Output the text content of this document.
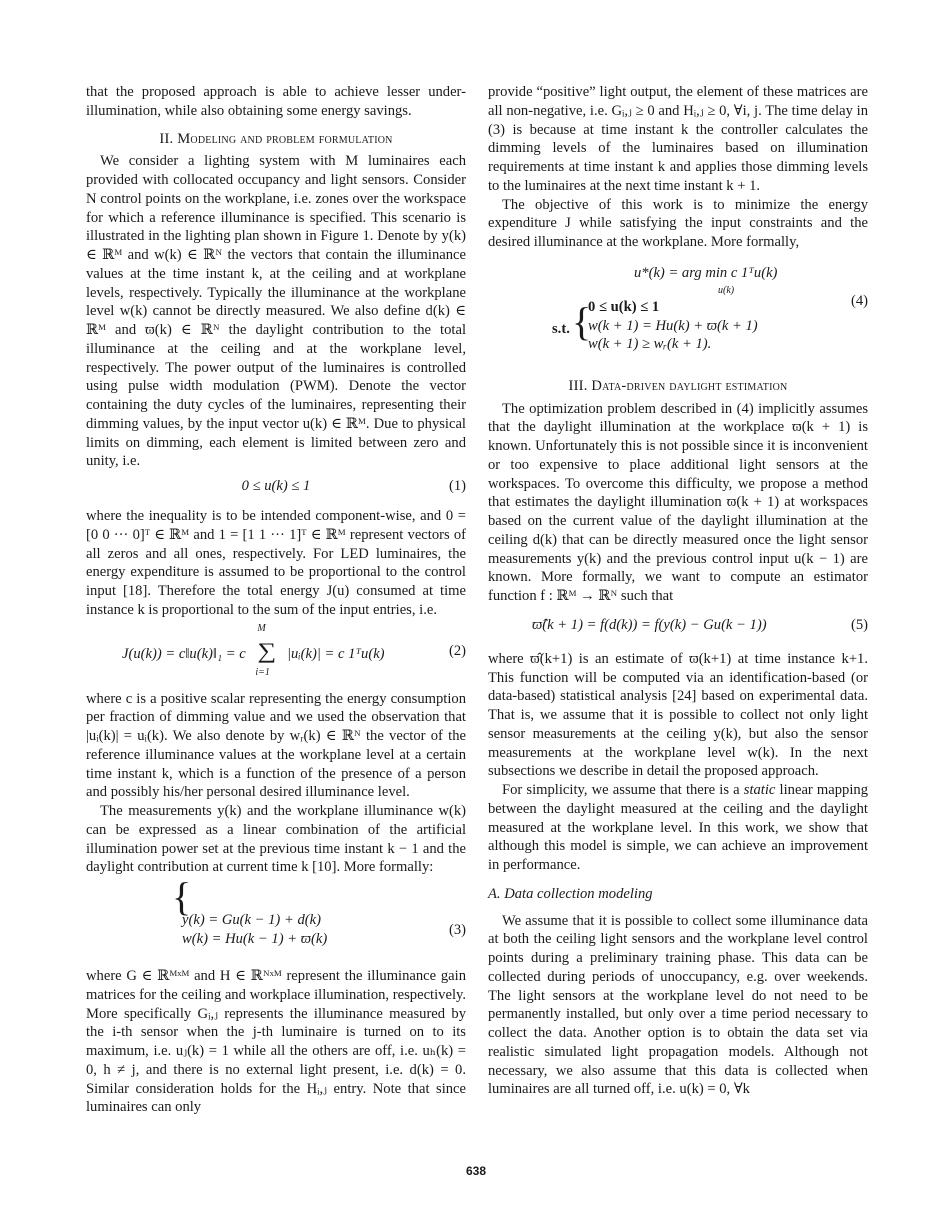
that the proposed approach is able to achieve lesser under-illumination, while also obtaining some energy savings.

II. Modeling and problem formulation

We consider a lighting system with M luminaires each provided with collocated occupancy and light sensors. Consider N control points on the workplane, i.e. zones over the workspace for which a reference illuminance is specified. This scenario is illustrated in the lighting plan shown in Figure 1. Denote by y(k) ∈ ℝᴹ and w(k) ∈ ℝᴺ the vectors that contain the illuminance values at the time instant k, at the ceiling and at workplane levels, respectively. Typically the illuminance at the workplane level w(k) cannot be directly measured. We also define d(k) ∈ ℝᴹ and ϖ(k) ∈ ℝᴺ the daylight contribution to the total illuminance at the ceiling and at the workplane level, respectively. The power output of the luminaires is controlled using pulse width modulation (PWM). Denote the vector containing the duty cycles of the luminaires, representing their dimming values, by the input vector u(k) ∈ ℝᴹ. Due to physical limits on dimming, each element is limited between zero and unity, i.e.

0 ≤ u(k) ≤ 1	(1)

where the inequality is to be intended component-wise, and 0 = [0 0 ··· 0]ᵀ ∈ ℝᴹ and 1 = [1 1 ··· 1]ᵀ ∈ ℝᴹ represent vectors of all zeros and all ones, respectively. For LED luminaires, the energy expenditure is assumed to be proportional to the control input [18]. Therefore the total energy J(u) consumed at time instance k is proportional to the sum of the input entries, i.e.

J(u(k)) = c‖u(k)‖₁ = c
M
∑
i=1
|uᵢ(k)| = c 1ᵀu(k)	(2)

where c is a positive scalar representing the energy consumption per fraction of dimming value and we used the observation that |uᵢ(k)| = uᵢ(k). We also denote by wᵣ(k) ∈ ℝᴺ the vector of the reference illuminance values at the workplane level at a certain time instant k, which is a function of the presence of a person and possibly his/her personal desired illuminance level.

The measurements y(k) and the workplane illuminance w(k) can be expressed as a linear combination of the artificial illumination power set at the previous time instant k − 1 and the daylight contribution at current time k [10]. More formally:

{
y(k) = Gu(k − 1) + d(k)
w(k) = Hu(k − 1) + ϖ(k)
(3)

where G ∈ ℝᴹˣᴹ and H ∈ ℝᴺˣᴹ represent the illuminance gain matrices for the ceiling and workplace illumination, respectively. More specifically Gᵢ,ⱼ represents the illuminance measured by the i-th sensor when the j-th luminaire is turned on to its maximum, i.e. uⱼ(k) = 1 while all the others are off, i.e. uₕ(k) = 0, h ≠ j, and there is no external light present, i.e. d(k) = 0. Similar consideration holds for the Hᵢ,ⱼ entry. Note that since luminaires can only

provide “positive” light output, the element of these matrices are all non-negative, i.e. Gᵢ,ⱼ ≥ 0 and Hᵢ,ⱼ ≥ 0, ∀i, j. The time delay in (3) is because at time instant k the controller calculates the dimming levels of the luminaires based on illumination requirements at time instant k and applies those dimming levels to the luminaires at the next time instant k + 1.

The objective of this work is to minimize the energy expenditure J while satisfying the input constraints and the desired illuminance at the workplane. More formally,

u*(k) = arg min c 1ᵀu(k)
u(k)
s.t. {
0 ≤ u(k) ≤ 1
w(k + 1) = Hu(k) + ϖ(k + 1)
w(k + 1) ≥ wᵣ(k + 1).
(4)
III. Data-driven daylight estimation

The optimization problem described in (4) implicitly assumes that the daylight illumination at the workplace ϖ(k + 1) is known. Unfortunately this is not possible since it is inconvenient or too expensive to place additional light sensors at the workspaces. To overcome this difficulty, we propose a method that estimates the daylight illumination ϖ(k + 1) at workspaces based on the current value of the daylight illumination at the ceiling d(k) that can be directly measured once the light sensor measurements y(k) and the previous control input u(k − 1) are known. More formally, we want to compute an estimator function f : ℝᴹ → ℝᴺ such that

ϖ̂(k + 1) = f(d(k)) = f(y(k) − Gu(k − 1))	(5)

where ϖ̂(k+1) is an estimate of ϖ(k+1) at time instance k+1. This function will be computed via an identification-based (or data-based) statistical analysis [24] based on experimental data. That is, we assume that it is possible to collect not only light sensor measurements at the ceiling y(k), but also the sensor measurements at the workplane level w(k). In the next subsections we describe in detail the proposed approach.

For simplicity, we assume that there is a static linear mapping between the daylight measured at the ceiling and the daylight measured at the workplane level. In this work, we show that although this model is simple, we can achieve an improvement in performance.

A. Data collection modeling

We assume that it is possible to collect some illuminance data at both the ceiling light sensors and the workplane level control points during a preliminary training phase. This data can be collected during periods of unoccupancy, e.g. over weekends. The light sensors at the workplane level do not need to be permanently installed, but only over a time period necessary to collect the data. Another option is to obtain the data set via realistic simulated light propagation models. Although not necessary, we also assume that this data is collected when luminaires are all turned off, i.e. u(k) = 0, ∀k

638
